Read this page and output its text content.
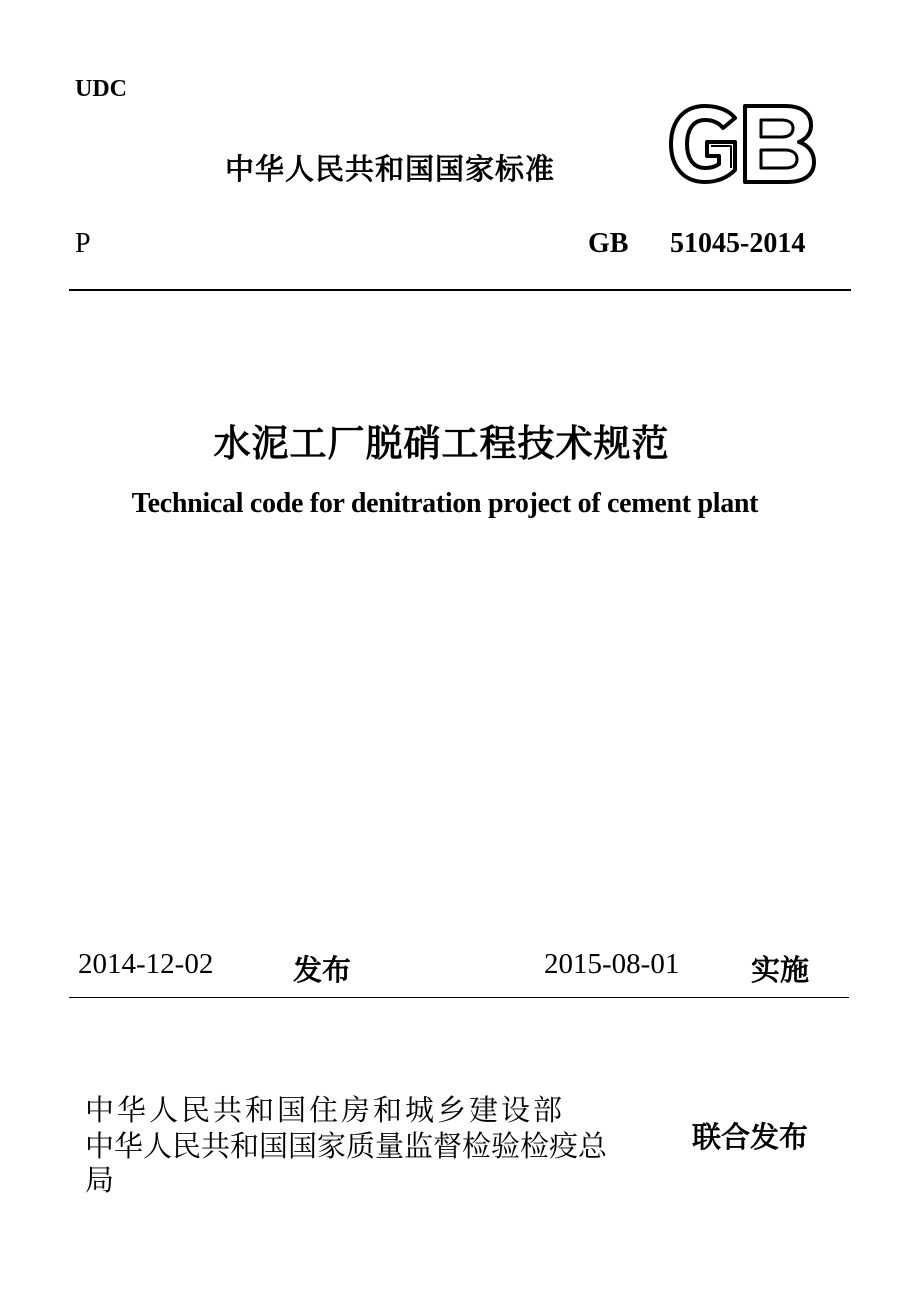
UDC
中华人民共和国国家标准
P	GB 51045-2014
水泥工厂脱硝工程技术规范
Technical code for denitration project of cement plant
2014-12-02	发布	2015-08-01 实施
中华人民共和国住房和城乡建设部
中华人民共和国国家质量监督检验检疫总
局
联合发布
